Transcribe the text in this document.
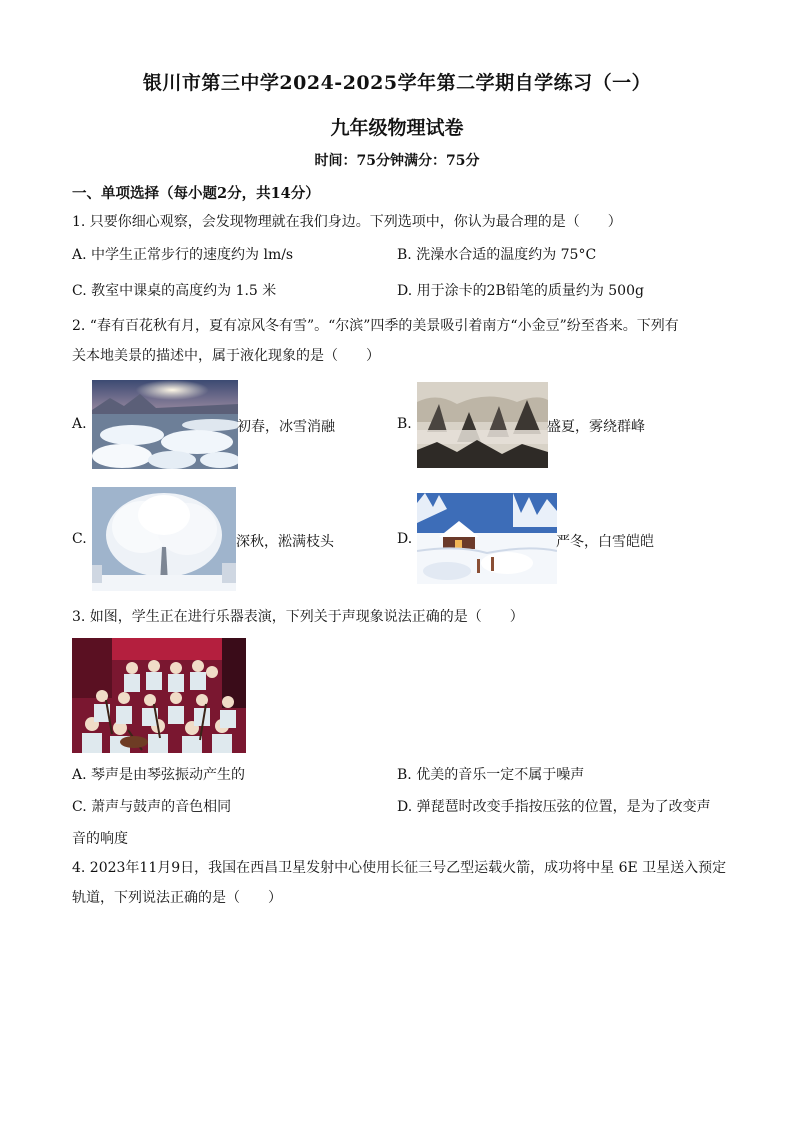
银川市第三中学2024-2025学年第二学期自学练习（一）
九年级物理试卷
时间：75分钟满分：75分
一、单项选择（每小题2分，共14分）
1. 只要你细心观察，会发现物理就在我们身边。下列选项中，你认为最合理的是（　　）
A. 中学生正常步行的速度约为 lm/s	B. 洗澡水合适的温度约为 75°C
C. 教室中课桌的高度约为 1.5 米	D. 用于涂卡的2B铅笔的质量约为 500g
2. “春有百花秋有月，夏有凉风冬有雪”。“尔滨”四季的美景吸引着南方“小金豆”纷至沓来。下列有
关本地美景的描述中，属于液化现象的是（　　）
A.	初春，冰雪消融	B.	盛夏，雾绕群峰
C.	深秋，淞满枝头	D.	严冬，白雪皑皑
3. 如图，学生正在进行乐器表演，下列关于声现象说法正确的是（　　）
A. 琴声是由琴弦振动产生的	B. 优美的音乐一定不属于噪声
C. 萧声与鼓声的音色相同	D. 弹琵琶时改变手指按压弦的位置，是为了改变声
音的响度
4. 2023年11月9日，我国在西昌卫星发射中心使用长征三号乙型运载火箭，成功将中星 6E 卫星送入预定
轨道，下列说法正确的是（　　）
